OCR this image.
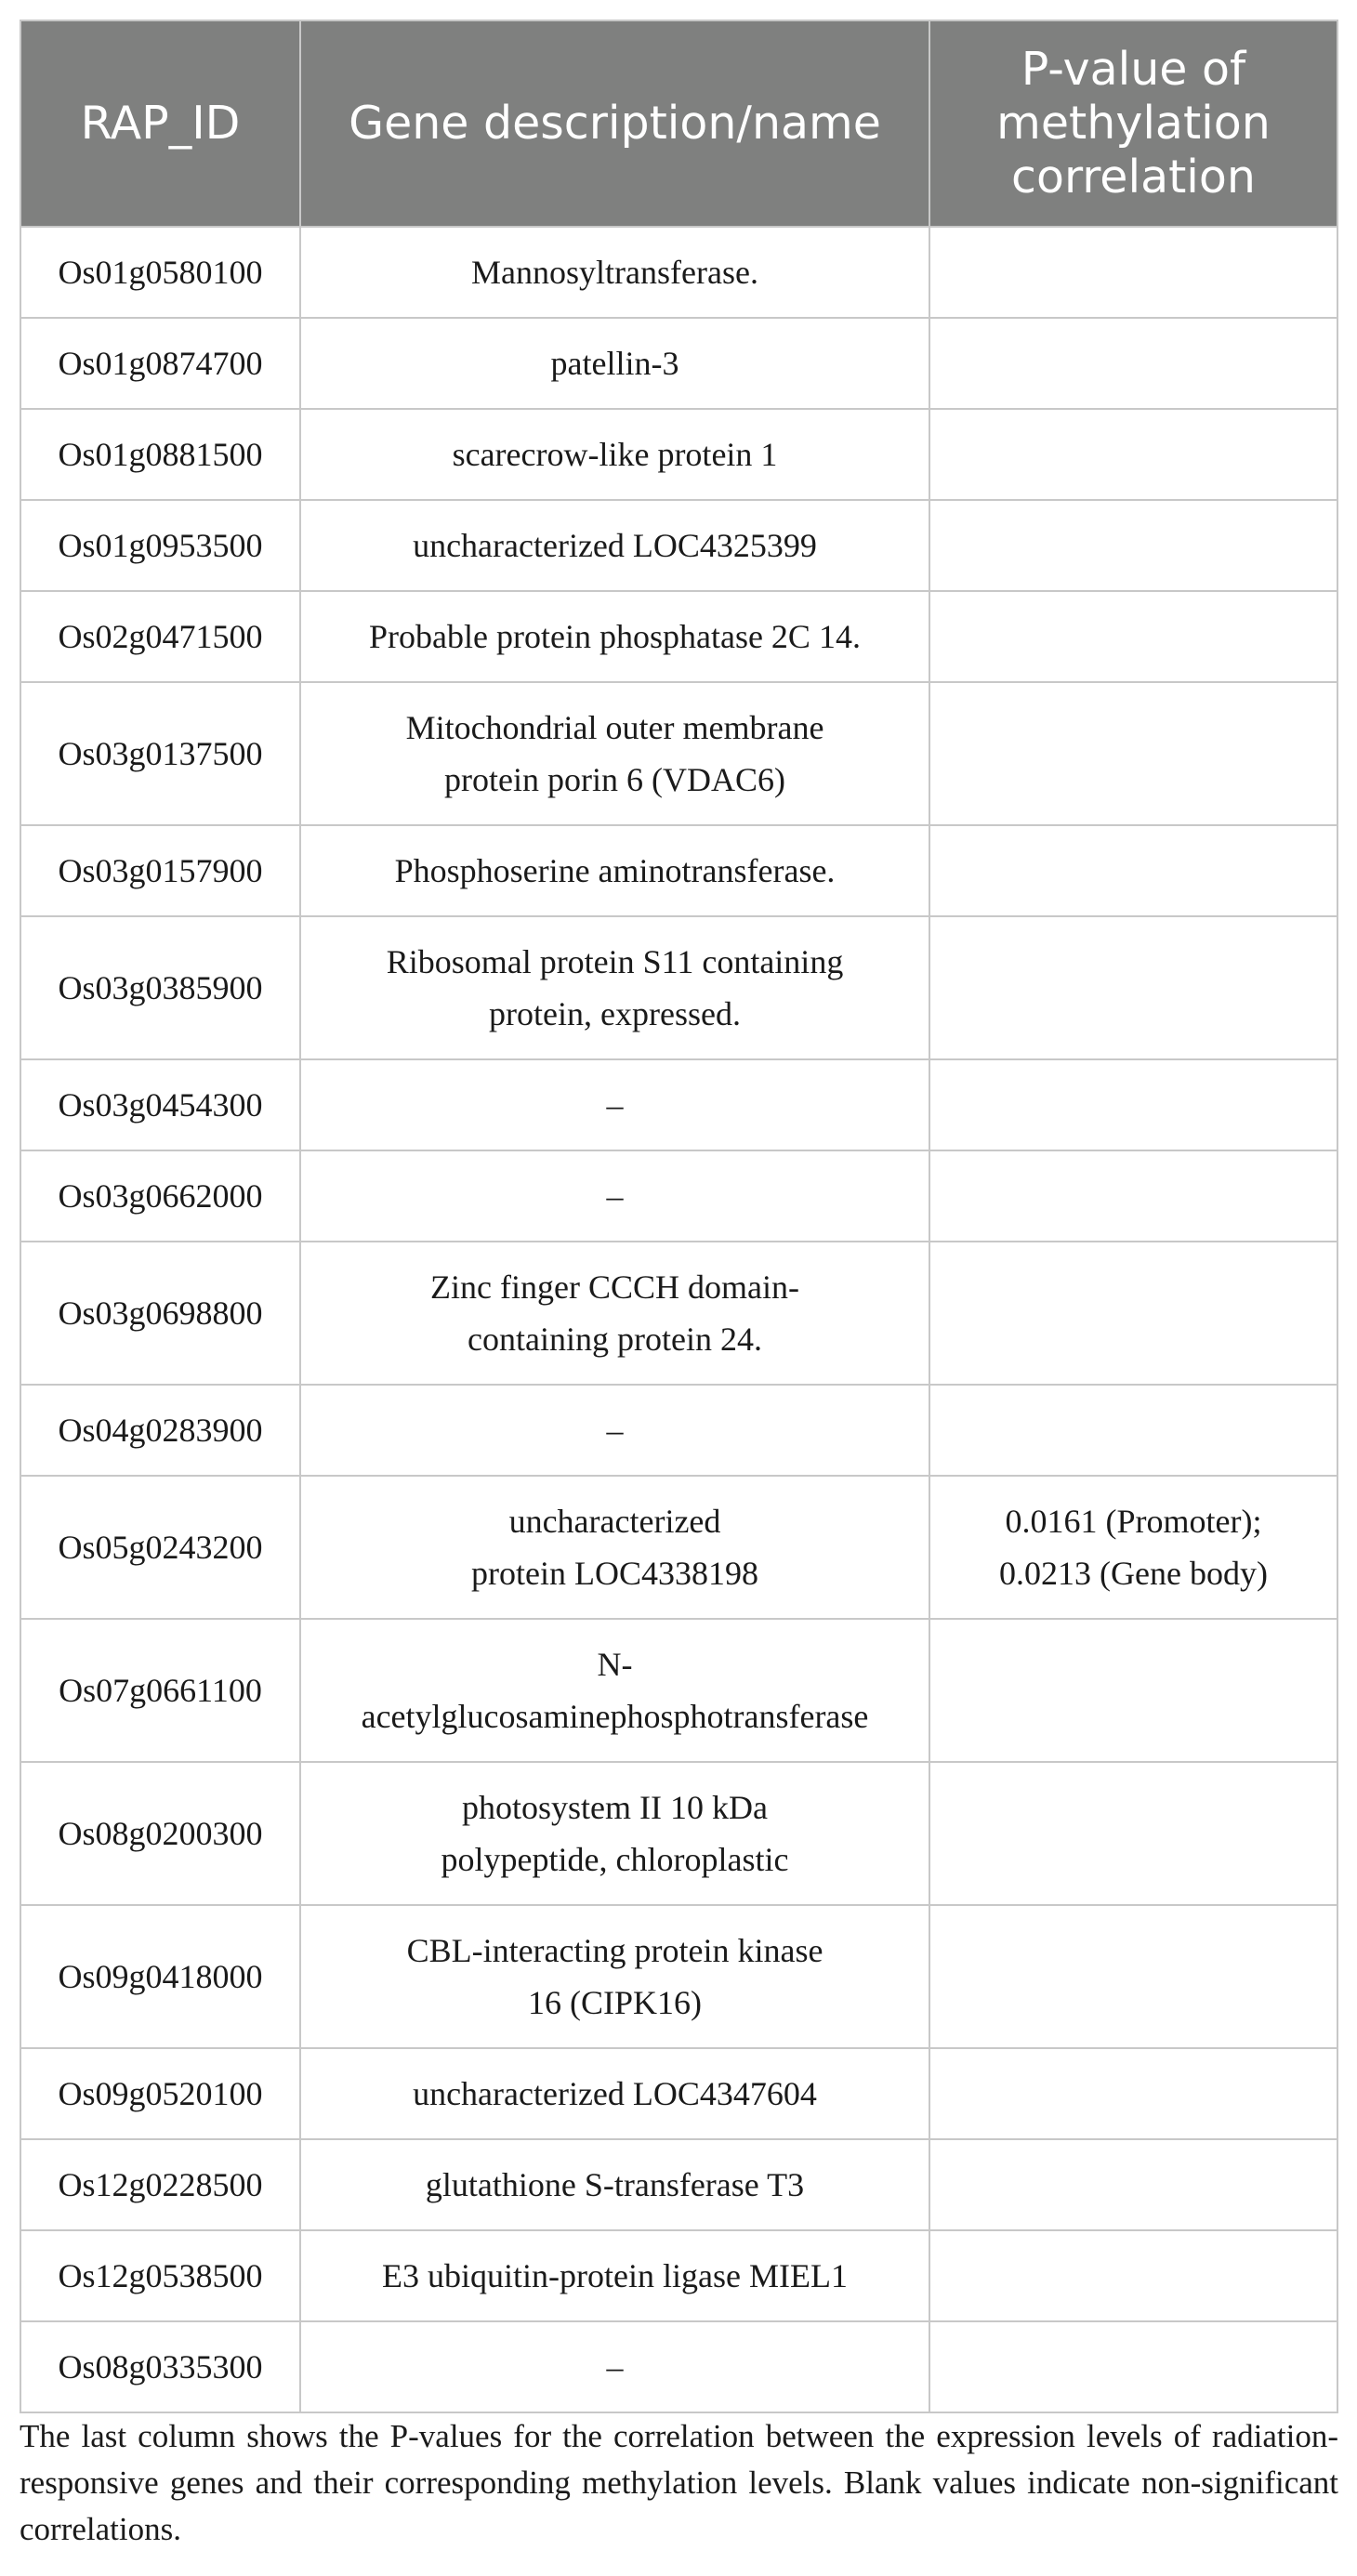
RAP_ID	Gene description/name	P-value of
methylation
correlation
Os01g0580100	Mannosyltransferase.	
Os01g0874700	patellin-3	
Os01g0881500	scarecrow-like protein 1	
Os01g0953500	uncharacterized LOC4325399	
Os02g0471500	Probable protein phosphatase 2C 14.	
Os03g0137500	Mitochondrial outer membrane
protein porin 6 (VDAC6)	
Os03g0157900	Phosphoserine aminotransferase.	
Os03g0385900	Ribosomal protein S11 containing
protein, expressed.	
Os03g0454300	–	
Os03g0662000	–	
Os03g0698800	Zinc finger CCCH domain-
containing protein 24.	
Os04g0283900	–	
Os05g0243200	uncharacterized
protein LOC4338198	0.0161 (Promoter);
0.0213 (Gene body)
Os07g0661100	N-
acetylglucosaminephosphotransferase	
Os08g0200300	photosystem II 10 kDa
polypeptide, chloroplastic	
Os09g0418000	CBL-interacting protein kinase
16 (CIPK16)	
Os09g0520100	uncharacterized LOC4347604	
Os12g0228500	glutathione S-transferase T3	
Os12g0538500	E3 ubiquitin-protein ligase MIEL1	
Os08g0335300	–	

The last column shows the P-values for the correlation between the expression levels of radiation-responsive genes and their corresponding methylation levels. Blank values indicate non-significant correlations.
